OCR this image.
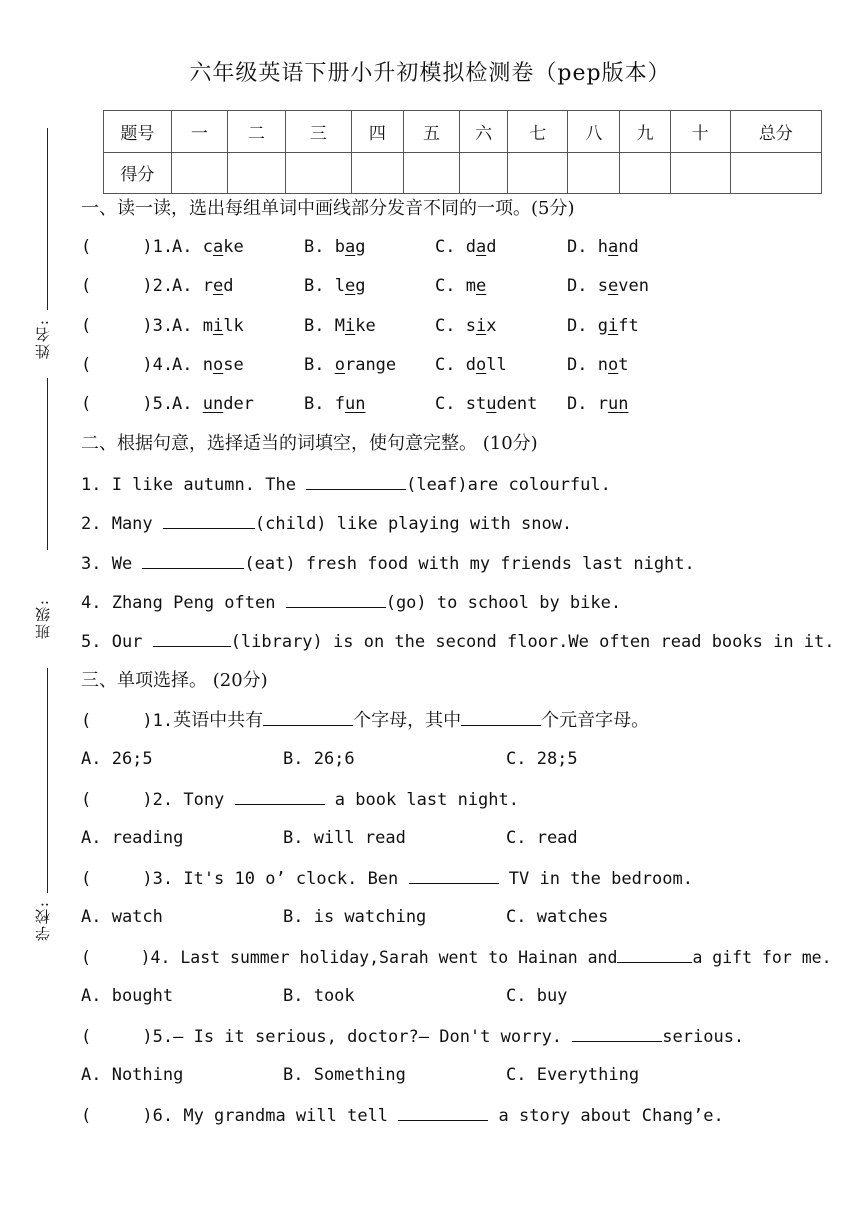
六年级英语下册小升初模拟检测卷（pep版本）
题号	一	二	三	四	五	六	七	八	九	十	总分
得分											
姓名:
班级:
学校:
一、读一读，选出每组单词中画线部分发音不同的一项。(5分)
(     )1.
A. cake	B. bag	C. dad	D. hand
(     )2.
A. red	B. leg	C. me	D. seven
(     )3.
A. milk	B. Mike	C. six	D. gift
(     )4.
A. nose	B. orange C. doll	D. not
(     )5.
A. under	B. fun	C. student D. run
二、根据句意，选择适当的词填空，使句意完整。 (10分)
1. I like autumn. The	(leaf)are colourful.
2. Many	(child) like playing with snow.
3. We	(eat) fresh food with my friends last night.
4. Zhang Peng often	(go) to school by bike.
5. Our	(library) is on the second floor.We often read books in it.
三、单项选择。 (20分)
(     )1.英语中共有	个字母，其中	个元音字母。
A. 26;5	B. 26;6	C. 28;5
(     )2. Tony	a book last night.
A. reading	B. will read	C. read
(     )3. It's 10 o’ clock. Ben	TV in the bedroom.
A. watch	B. is watching	C. watches
(     )4. Last summer holiday,Sarah went to Hainan and	a gift for me.
A. bought	B. took	C. buy
(     )5.— Is it serious, doctor?— Don't worry.	serious.
A. Nothing	B. Something	C. Everything
(     )6. My grandma will tell	a story about Chang’e.
